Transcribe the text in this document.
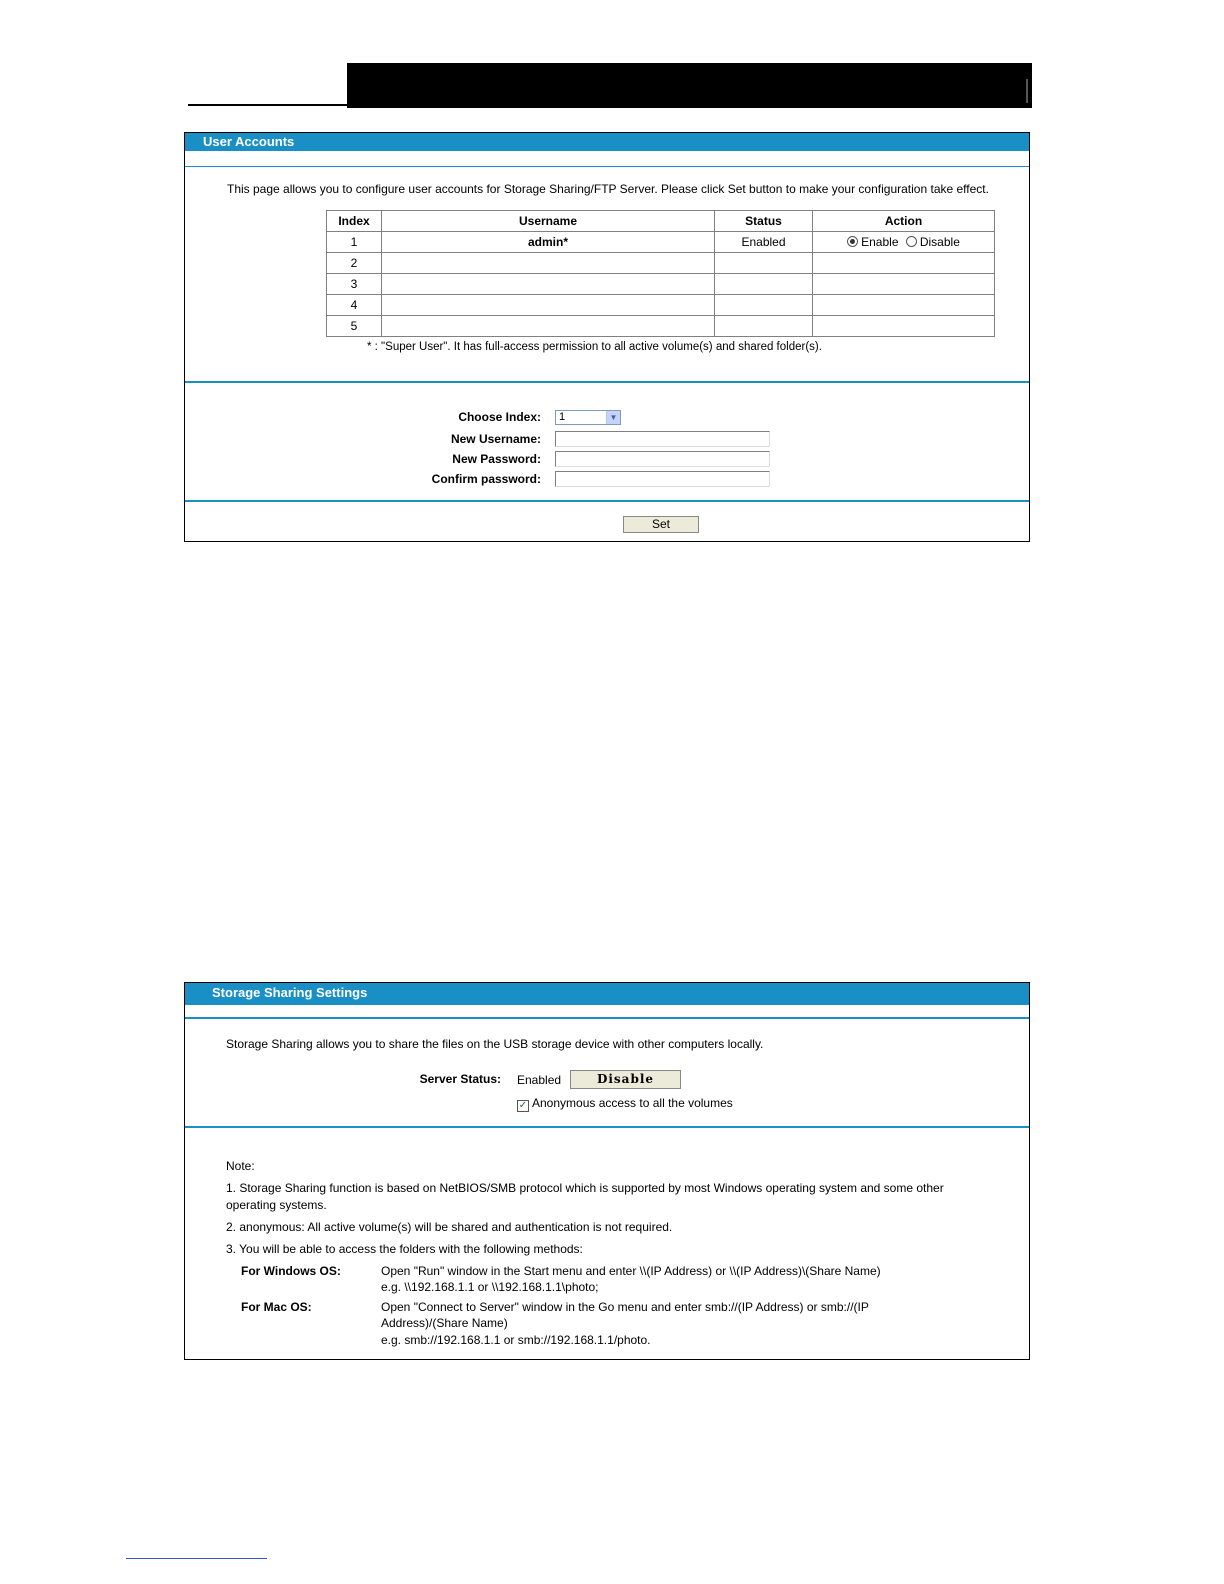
User Accounts
This page allows you to configure user accounts for Storage Sharing/FTP Server. Please click Set button to make your configuration take effect.
Index	Username	Status	Action
1	admin*	Enabled	Enable Disable
2			
3			
4			
5			
* : "Super User". It has full-access permission to all active volume(s) and shared folder(s).
Choose Index:	1	▼
New Username:
New Password:
Confirm password:
Set
Storage Sharing Settings
Storage Sharing allows you to share the files on the USB storage device with other computers locally.
Server Status: Enabled	Disable
✓ Anonymous access to all the volumes
Note:
1. Storage Sharing function is based on NetBIOS/SMB protocol which is supported by most Windows operating system and some other
operating systems.
2. anonymous: All active volume(s) will be shared and authentication is not required.
3. You will be able to access the folders with the following methods:
For Windows OS:	Open "Run" window in the Start menu and enter \\(IP Address) or \\(IP Address)\(Share Name)
e.g. \\192.168.1.1 or \\192.168.1.1\photo;
For Mac OS:	Open "Connect to Server" window in the Go menu and enter smb://(IP Address) or smb://(IP
Address)/(Share Name)
e.g. smb://192.168.1.1 or smb://192.168.1.1/photo.
